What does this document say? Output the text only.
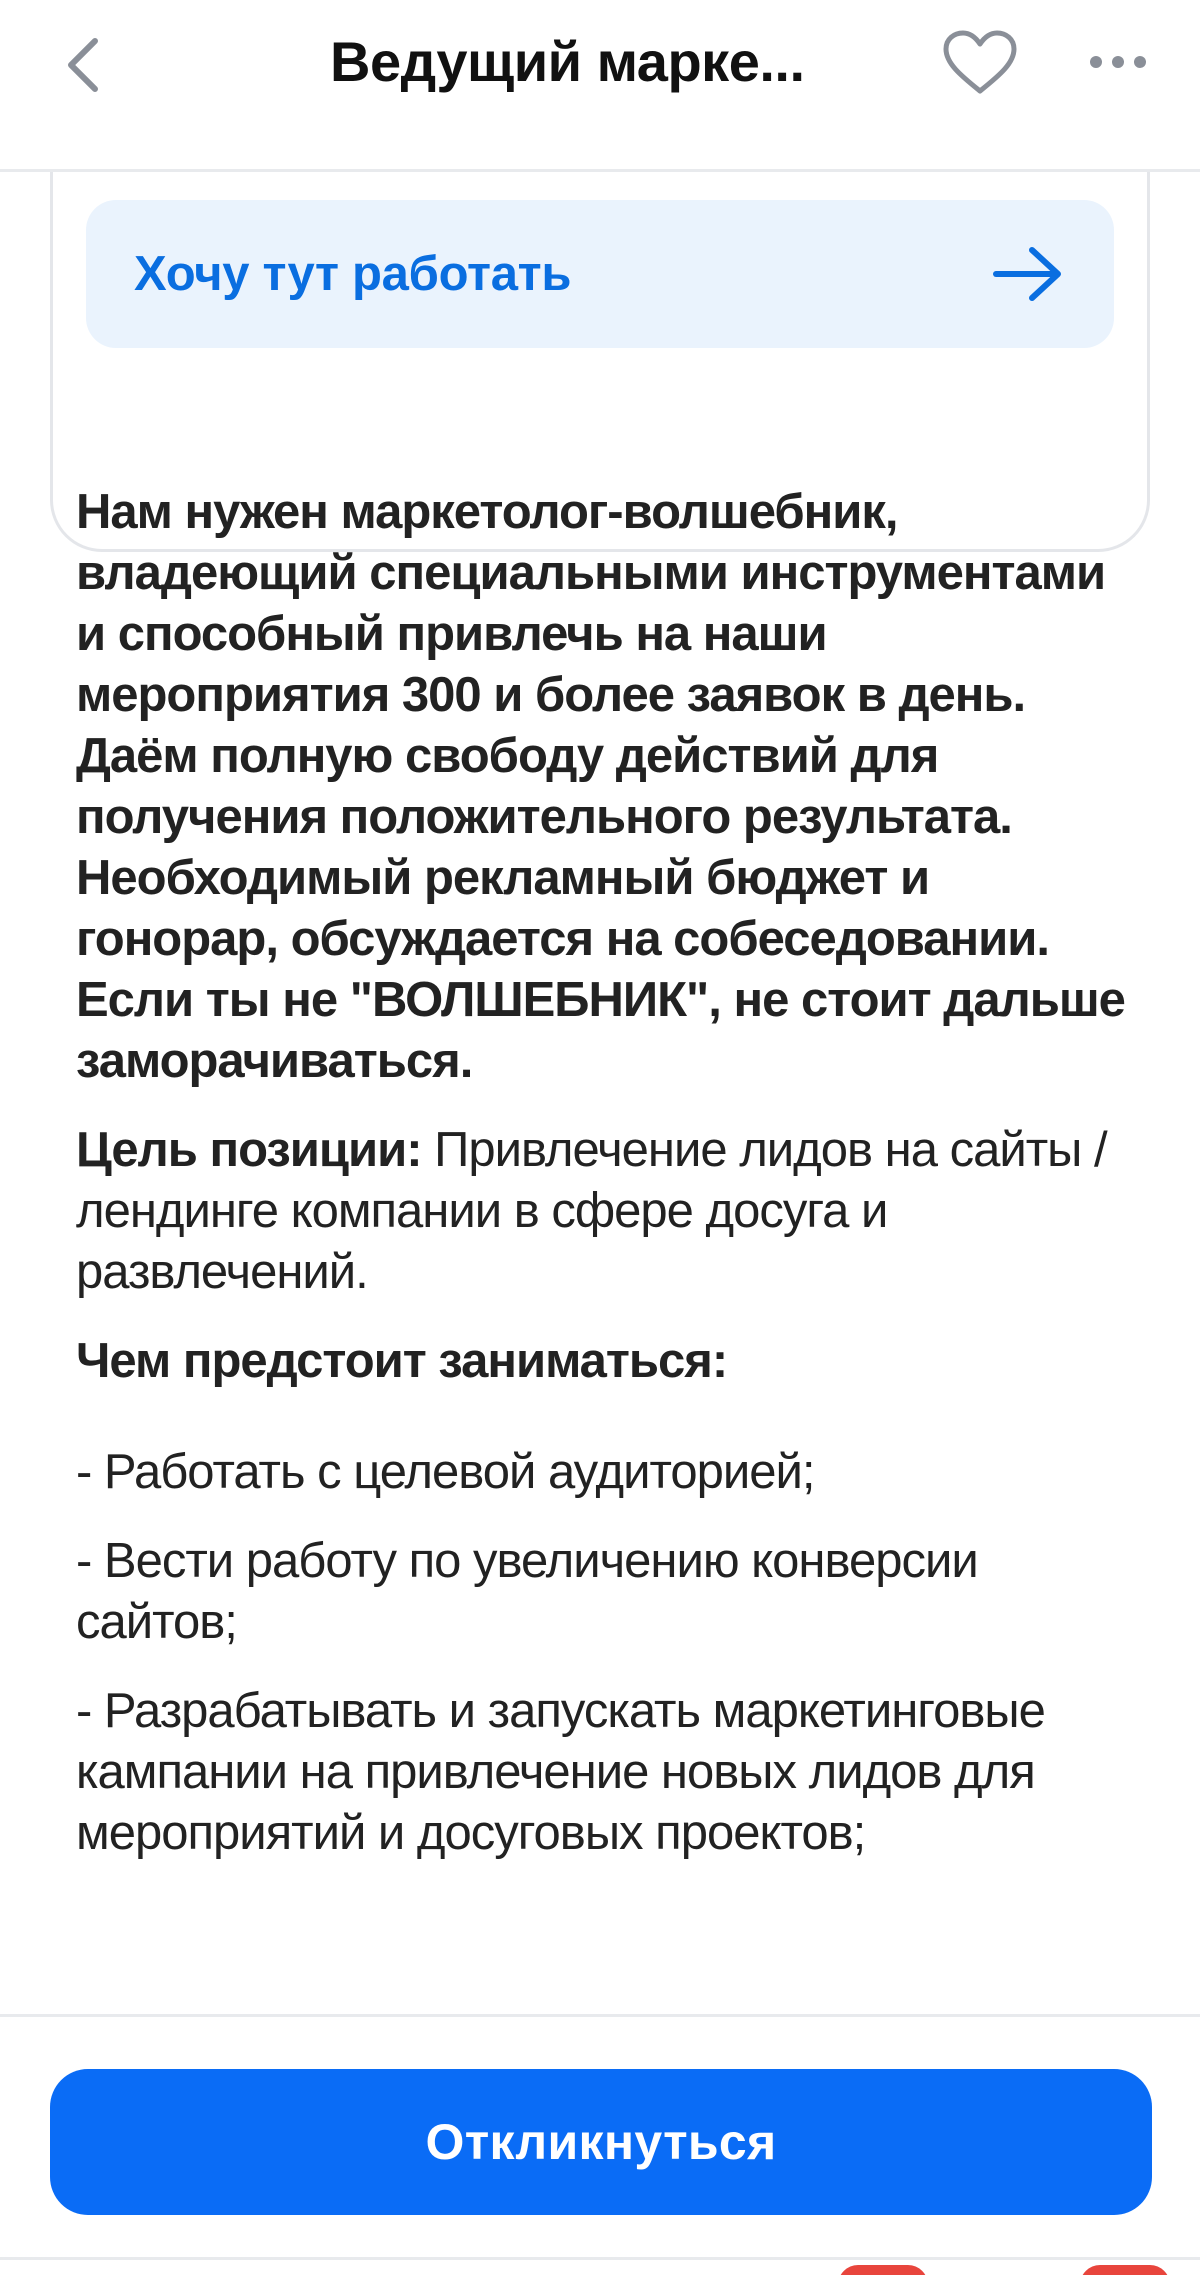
Ведущий марке...
Хочу тут работать

Нам нужен маркетолог-волшебник, владеющий специальными инструментами и способный привлечь на наши мероприятия 300 и более заявок в день. Даём полную свободу действий для получения положительного результата. Необходимый рекламный бюджет и гонорар, обсуждается на собеседовании. Если ты не "ВОЛШЕБНИК", не стоит дальше заморачиваться.

Цель позиции: Привлечение лидов на сайты /лендинге компании в сфере досуга и развлечений.

Чем предстоит заниматься:

- Работать с целевой аудиторией;

- Вести работу по увеличению конверсии сайтов;

- Разрабатывать и запускать маркетинговые кампании на привлечение новых лидов для мероприятий и досуговых проектов;

Откликнуться
